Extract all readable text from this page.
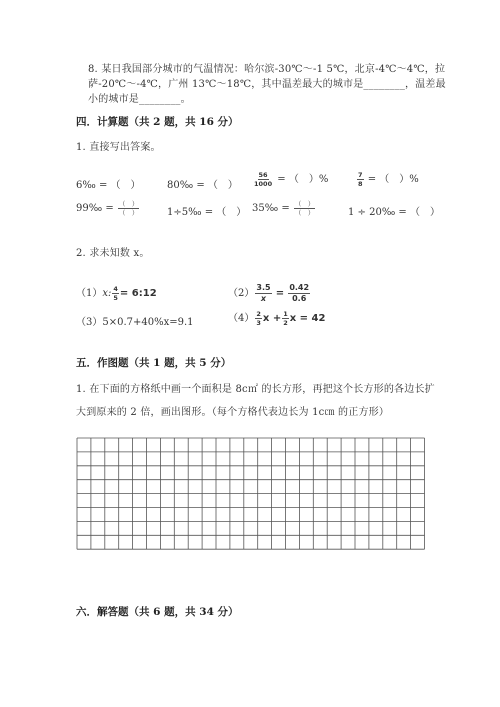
8. 某日我国部分城市的气温情况：哈尔滨-30℃～-1 5℃，北京-4℃～4℃，拉
萨-20℃～-4℃，广州 13℃～18℃，其中温差最大的城市是________，温差最
小的城市是________。
四．计算题（共 2 题，共 16 分）
1. 直接写出答案。
6‰ = （　）	80‰ = （　） $\frac{56}{1000}$ = （　）%	$\frac{7}{8}$ = （　）%
99‰ = $\frac{( )}{( )}$	1÷5‰ = （　） 35‰ = $\frac{( )}{( )}$	1 ÷ 20‰ = （　）
2. 求未知数 x。
（1）x: $\frac{4}{5}$ = 6:12	$(2) \frac{3.5}{x} = \frac{0.42}{0.6}$
（3）5×0.7+40%x=9.1	$(4) \frac{2}{3}$ $x + \frac{1}{2}$ x = 42
五．作图题（共 1 题，共 5 分）
1. 在下面的方格纸中画一个面积是 8c㎡ 的长方形，再把这个长方形的各边长扩
大到原来的 2 倍，画出图形。（每个方格代表边长为 1c㎝ 的正方形）
六．解答题（共 6 题，共 34 分）
